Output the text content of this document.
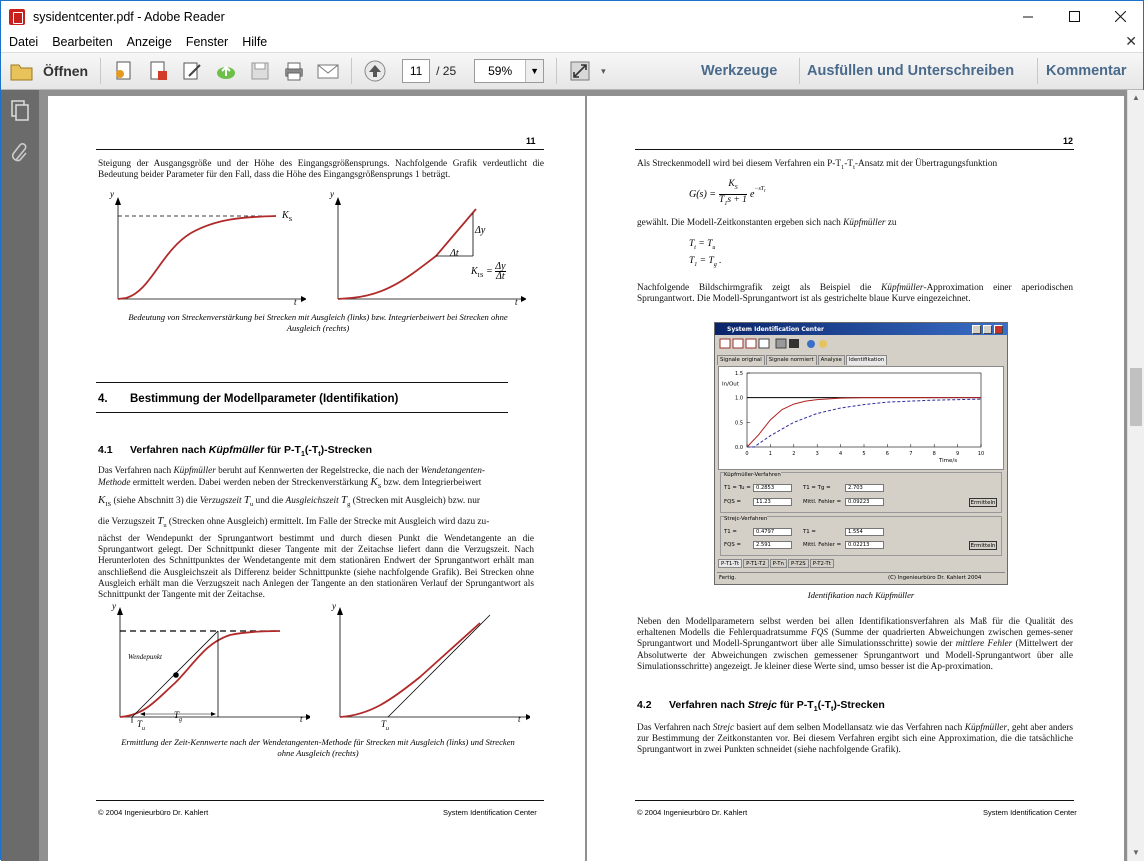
sysidentcenter.pdf - Adobe Reader
Datei Bearbeiten Anzeige Fenster Hilfe	✕
Öffnen	11	/ 25	59%	▼	▾	Werkzeuge Ausfüllen und Unterschreiben Kommentar
11
Steigung der Ausgangsgröße und der Höhe des Eingangsgrößensprungs. Nachfolgende Grafik verdeutlicht die Bedeutung beider Parameter für den Fall, dass die Höhe des Eingangsgrößensprungs 1 beträgt.
y
t
$K_S$
y
t
Δy
Δt
$K_{IS} = \frac{\Delta y}{\Delta t}$
Bedeutung von Streckenverstärkung bei Strecken mit Ausgleich (links) bzw. Integrierbeiwert bei Strecken ohne Ausgleich (rechts)
4. Bestimmung der Modellparameter (Identifikation)
4.1 Verfahren nach Küpfmüller für $P-T_1(-T_t)$-Strecken
Das Verfahren nach Küpfmüller beruht auf Kennwerten der Regelstrecke, die nach der Wendetangenten-
Methode ermittelt werden. Dabei werden neben der Streckenverstärkung $K_S$ bzw. dem Integrierbeiwert
$K_{IS}$ (siehe Abschnitt 3) die Verzugszeit $T_u$ und die Ausgleichszeit $T_g$ (Strecken mit Ausgleich) bzw. nur
die Verzugszeit $T_u$ (Strecken ohne Ausgleich) ermittelt. Im Falle der Strecke mit Ausgleich wird dazu zu-
nächst der Wendepunkt der Sprungantwort bestimmt und durch diesen Punkt die Wendetangente an die Sprungantwort gelegt. Der Schnittpunkt dieser Tangente mit der Zeitachse liefert dann die Verzugszeit. Nach Herunterloten des Schnittpunktes der Wendetangente mit dem stationären Endwert der Sprungantwort erhält man anschließend die Ausgleichszeit als Differenz beider Schnittpunkte (siehe nachfolgende Grafik). Bei Strecken ohne Ausgleich erhält man die Verzugszeit nach Anlegen der Tangente an den stationären Verlauf der Sprungantwort als Schnittpunkt der Tangente mit der Zeitachse.
y
t
Wendepunkt
$T_u$
$T_g$
y
t
$T_u$
Ermittlung der Zeit-Kennwerte nach der Wendetangenten-Methode für Strecken mit Ausgleich (links) und Strecken ohne Ausgleich (rechts)
© 2004 Ingenieurbüro Dr. Kahlert	System Identification Center
12
Als Streckenmodell wird bei diesem Verfahren ein $P-T_1-T_t$-Ansatz mit der Übertragungsfunktion
$G(s) = \frac{K_S}{T_1s + 1}$ e $^{-sT_t}$
gewählt. Die Modell-Zeitkonstanten ergeben sich nach Küpfmüller zu
$T_t = T_u$
$T_1 = T_g$ .
Nachfolgende Bildschirmgrafik zeigt als Beispiel die Küpfmüller-Approximation einer aperiodischen Sprungantwort. Die Modell-Sprungantwort ist als gestrichelte blaue Kurve eingezeichnet.
System Identification Center
Signale original	Signale normiert	Analyse	Identifikation
1.5
1.0
0.5
0.0
0	1	2	3	4	5	6	7	8	9	10
In/Out
Time/s
Küpfmüller-Verfahren
T1 = Tu =	0.2853	T1 = Tg =	2.703
FQS =	11.23	Mittl. Fehler =	0.09223	Ermitteln
Strejc-Verfahren
T1 =	0.4797	T1 =	1.554
FQS =	2.591	Mittl. Fehler =	0.02213	Ermitteln
P-T1-Tt	P-T1-T2	P-Tn	P-T2S	P-T2-Tt
Fertig.	(C) Ingenieurbüro Dr. Kahlert 2004
Identifikation nach Küpfmüller
Neben den Modellparametern selbst werden bei allen Identifikationsverfahren als Maß für die Qualität des erhaltenen Modells die Fehlerquadratsumme FQS (Summe der quadrierten Abweichungen zwischen gemes-sener Sprungantwort und Modell-Sprungantwort über alle Simulationsschritte) sowie der mittlere Fehler (Mittelwert der Absolutwerte der Abweichungen zwischen gemessener Sprungantwort und Modell-Sprungantwort über alle Simulationsschritte) angezeigt. Je kleiner diese Werte sind, umso besser ist die Ap-proximation.
4.2 Verfahren nach Strejc für $P-T_1(-T_t)$-Strecken
Das Verfahren nach Strejc basiert auf dem selben Modellansatz wie das Verfahren nach Küpfmüller, geht aber anders zur Bestimmung der Zeitkonstanten vor. Bei diesem Verfahren ergibt sich eine Approximation, die die tatsächliche Sprungantwort in zwei Punkten schneidet (siehe nachfolgende Grafik).
© 2004 Ingenieurbüro Dr. Kahlert	System Identification Center
▲
▼
